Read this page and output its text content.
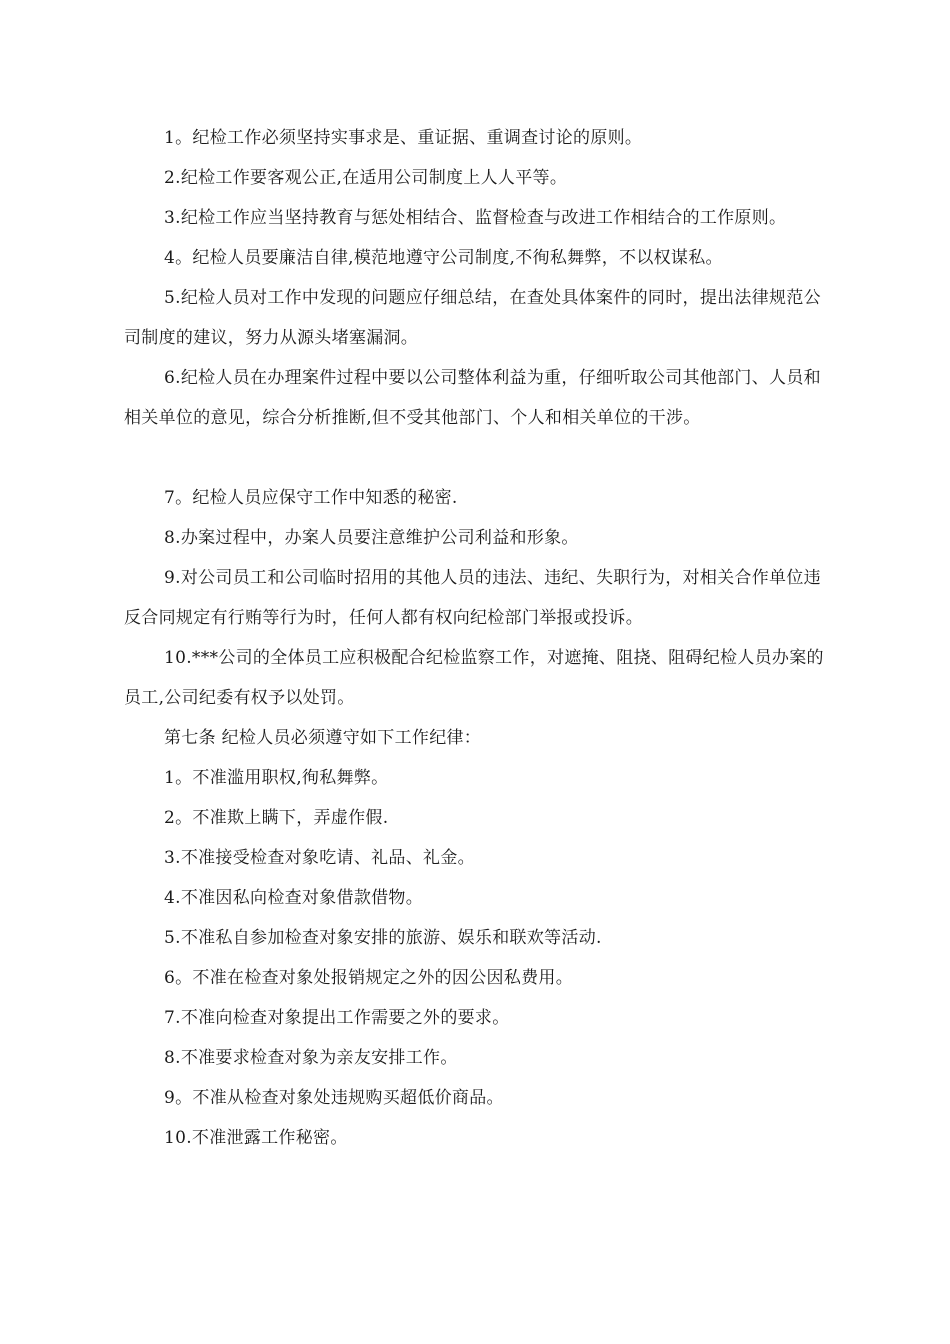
1。纪检工作必须坚持实事求是、重证据、重调查讨论的原则。

2.纪检工作要客观公正,在适用公司制度上人人平等。

3.纪检工作应当坚持教育与惩处相结合、监督检查与改进工作相结合的工作原则。

4。纪检人员要廉洁自律,模范地遵守公司制度,不徇私舞弊，不以权谋私。

5.纪检人员对工作中发现的问题应仔细总结，在查处具体案件的同时，提出法律规范公司制度的建议，努力从源头堵塞漏洞。

6.纪检人员在办理案件过程中要以公司整体利益为重，仔细听取公司其他部门、人员和相关单位的意见，综合分析推断,但不受其他部门、个人和相关单位的干涉。

7。纪检人员应保守工作中知悉的秘密.

8.办案过程中，办案人员要注意维护公司利益和形象。

9.对公司员工和公司临时招用的其他人员的违法、违纪、失职行为，对相关合作单位违反合同规定有行贿等行为时，任何人都有权向纪检部门举报或投诉。

10.***公司的全体员工应积极配合纪检监察工作，对遮掩、阻挠、阻碍纪检人员办案的员工,公司纪委有权予以处罚。

第七条 纪检人员必须遵守如下工作纪律：

1。不准滥用职权,徇私舞弊。

2。不准欺上瞒下，弄虚作假.

3.不准接受检查对象吃请、礼品、礼金。

4.不准因私向检查对象借款借物。

5.不准私自参加检查对象安排的旅游、娱乐和联欢等活动.

6。不准在检查对象处报销规定之外的因公因私费用。

7.不准向检查对象提出工作需要之外的要求。

8.不准要求检查对象为亲友安排工作。

9。不准从检查对象处违规购买超低价商品。

10.不准泄露工作秘密。
